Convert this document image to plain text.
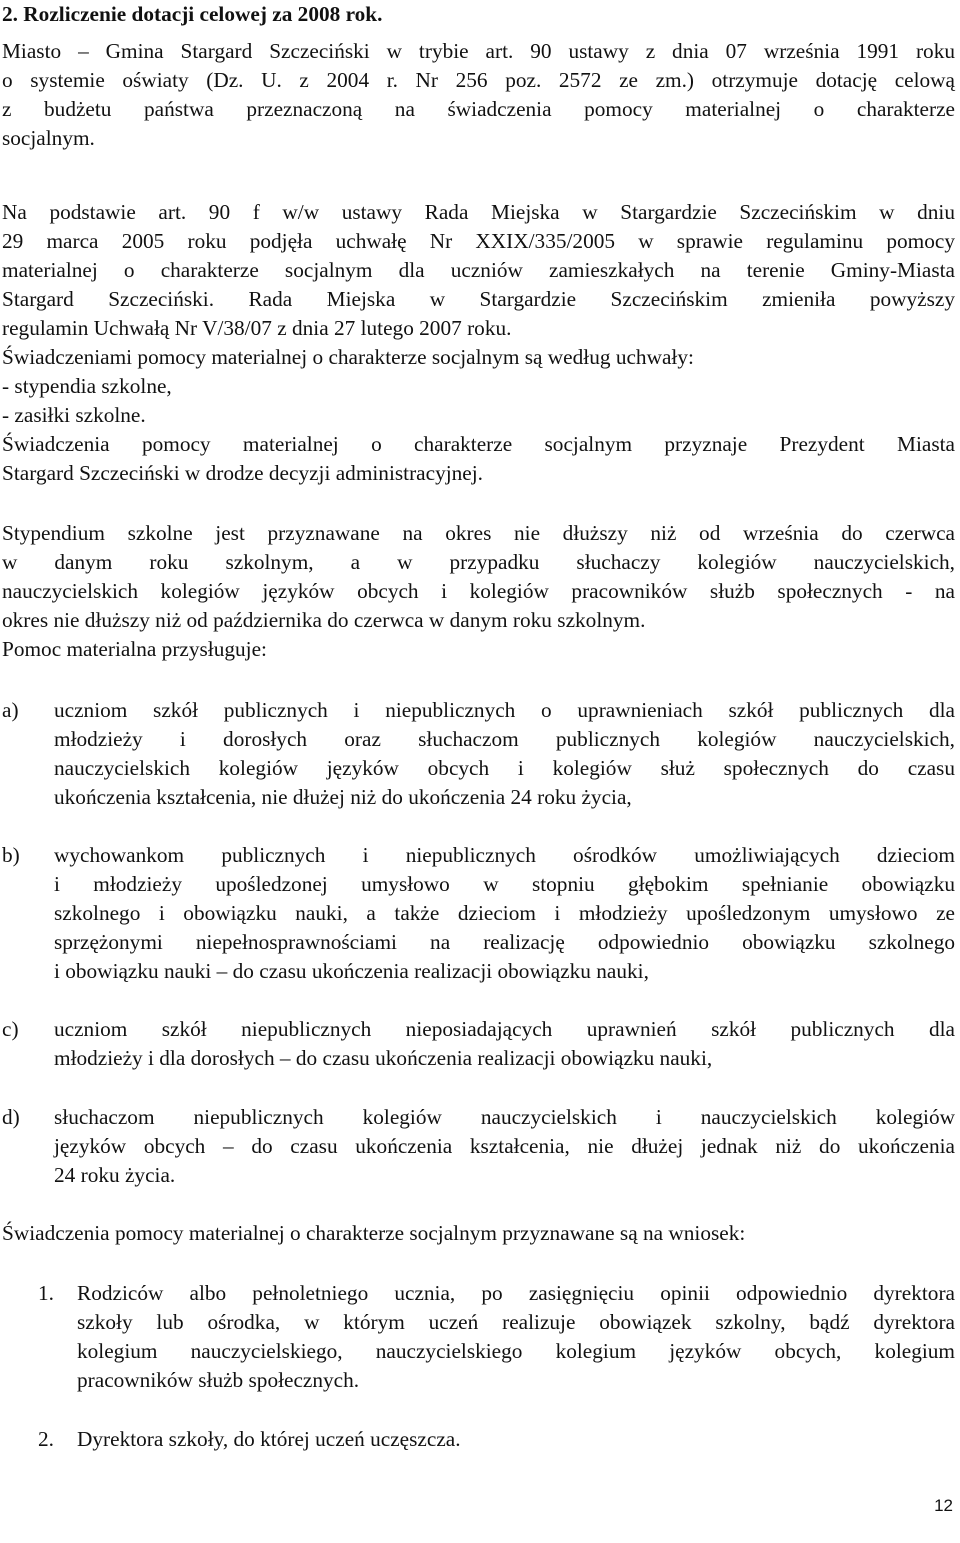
2. Rozliczenie dotacji celowej za 2008 rok.

Miasto – Gmina Stargard Szczeciński w trybie art. 90 ustawy z dnia 07 września 1991 roku
o systemie oświaty (Dz. U. z 2004 r. Nr 256 poz. 2572 ze zm.) otrzymuje dotację celową
z budżetu państwa przeznaczoną na świadczenia pomocy materialnej o charakterze
socjalnym.

Na podstawie art. 90 f w/w ustawy Rada Miejska w Stargardzie Szczecińskim w dniu
29 marca 2005 roku podjęła uchwałę Nr XXIX/335/2005 w sprawie regulaminu pomocy
materialnej o charakterze socjalnym dla uczniów zamieszkałych na terenie Gminy-Miasta
Stargard Szczeciński. Rada Miejska w Stargardzie Szczecińskim zmieniła powyższy
regulamin Uchwałą Nr V/38/07 z dnia 27 lutego 2007 roku.

Świadczeniami pomocy materialnej o charakterze socjalnym są według uchwały:
- stypendia szkolne,
- zasiłki szkolne.

Świadczenia pomocy materialnej o charakterze socjalnym przyznaje Prezydent Miasta
Stargard Szczeciński w drodze decyzji administracyjnej.

Stypendium szkolne jest przyznawane na okres nie dłuższy niż od września do czerwca
w danym roku szkolnym, a w przypadku słuchaczy kolegiów nauczycielskich,
nauczycielskich kolegiów języków obcych i kolegiów pracowników służb społecznych - na
okres nie dłuższy niż od października do czerwca w danym roku szkolnym.

Pomoc materialna przysługuje:

a) uczniom szkół publicznych i niepublicznych o uprawnieniach szkół publicznych dla
młodzieży i dorosłych oraz słuchaczom publicznych kolegiów nauczycielskich,
nauczycielskich kolegiów języków obcych i kolegiów służ społecznych do czasu
ukończenia kształcenia, nie dłużej niż do ukończenia 24 roku życia,
b) wychowankom publicznych i niepublicznych ośrodków umożliwiających dzieciom
i młodzieży upośledzonej umysłowo w stopniu głębokim spełnianie obowiązku
szkolnego i obowiązku nauki, a także dzieciom i młodzieży upośledzonym umysłowo ze
sprzężonymi niepełnosprawnościami na realizację odpowiednio obowiązku szkolnego
i obowiązku nauki – do czasu ukończenia realizacji obowiązku nauki,
c) uczniom szkół niepublicznych nieposiadających uprawnień szkół publicznych dla
młodzieży i dla dorosłych – do czasu ukończenia realizacji obowiązku nauki,
d) słuchaczom niepublicznych kolegiów nauczycielskich i nauczycielskich kolegiów
języków obcych – do czasu ukończenia kształcenia, nie dłużej jednak niż do ukończenia
24 roku życia.

Świadczenia pomocy materialnej o charakterze socjalnym przyznawane są na wniosek:

1. Rodziców albo pełnoletniego ucznia, po zasięgnięciu opinii odpowiednio dyrektora
szkoły lub ośrodka, w którym uczeń realizuje obowiązek szkolny, bądź dyrektora
kolegium nauczycielskiego, nauczycielskiego kolegium języków obcych, kolegium
pracowników służb społecznych.
2. Dyrektora szkoły, do której uczeń uczęszcza.
12
